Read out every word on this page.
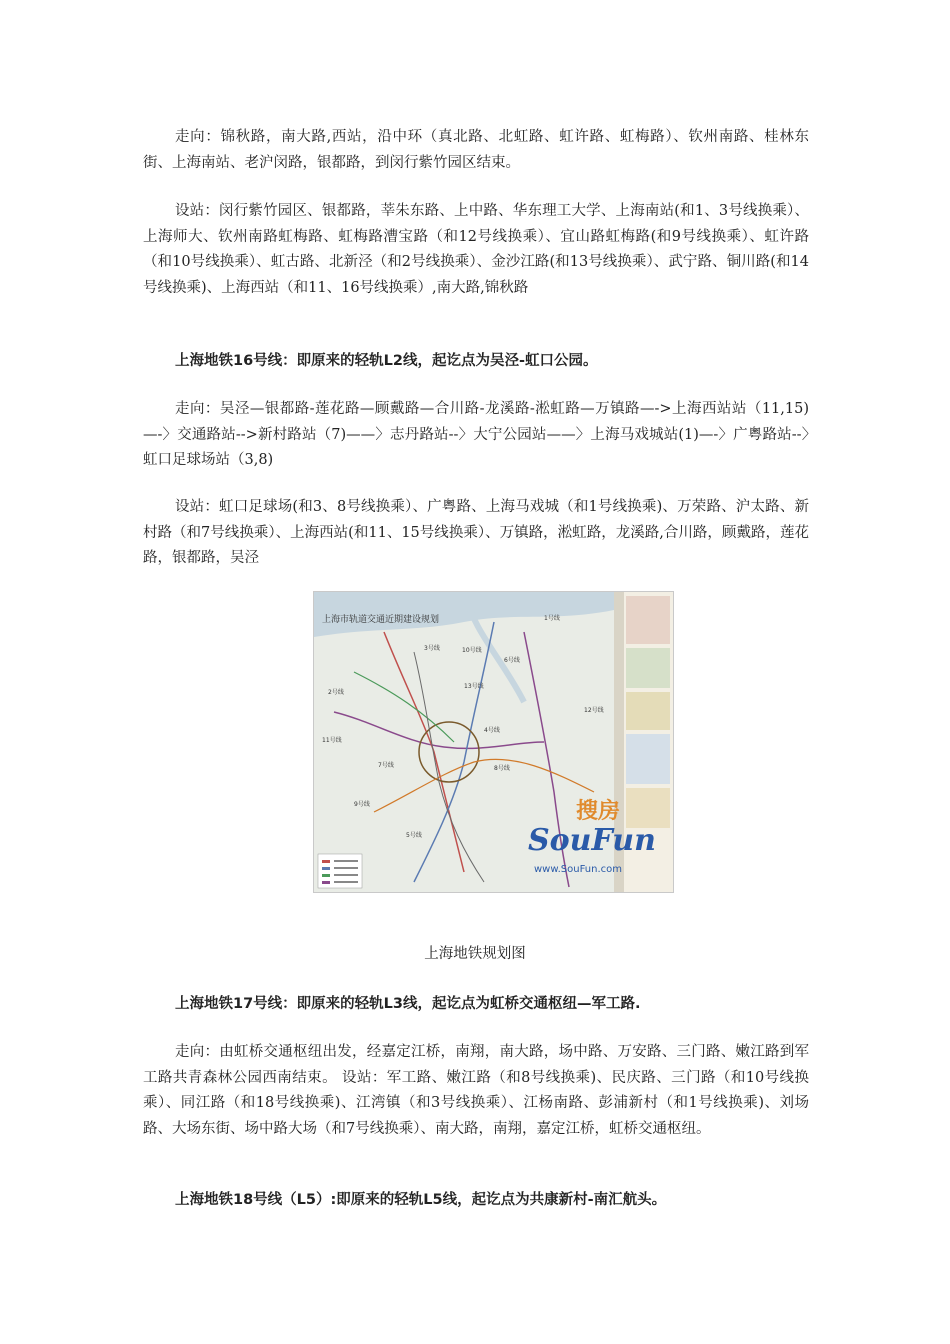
走向：锦秋路，南大路,西站，沿中环（真北路、北虹路、虹许路、虹梅路）、钦州南路、桂林东街、上海南站、老沪闵路，银都路，到闵行紫竹园区结束。

设站：闵行紫竹园区、银都路，莘朱东路、上中路、华东理工大学、上海南站(和1、3号线换乘）、上海师大、钦州南路虹梅路、虹梅路漕宝路（和12号线换乘）、宜山路虹梅路(和9号线换乘）、虹许路（和10号线换乘）、虹古路、北新泾（和2号线换乘）、金沙江路(和13号线换乘）、武宁路、铜川路(和14号线换乘)、上海西站（和11、16号线换乘）,南大路,锦秋路

上海地铁16号线：即原来的轻轨L2线，起讫点为吴泾-虹口公园。

走向：吴泾—银都路-莲花路—顾戴路—合川路-龙溪路-淞虹路—万镇路—->上海西站站（11,15)—-〉交通路站-->新村路站（7)——〉志丹路站--〉大宁公园站——〉上海马戏城站(1)—-〉广粤路站--〉虹口足球场站（3,8)

设站：虹口足球场(和3、8号线换乘）、广粤路、上海马戏城（和1号线换乘)、万荣路、沪太路、新村路（和7号线换乘）、上海西站(和11、15号线换乘）、万镇路，淞虹路，龙溪路,合川路，顾戴路，莲花路，银都路，吴泾

上海市轨道交通近期建设规划	1号线
2号线
3号线
4号线
5号线
6号线
7号线	8号线
9号线
10号线
11号线
12号线
13号线
搜房
SouFun
www.SouFun.com

上海地铁规划图

上海地铁17号线：即原来的轻轨L3线，起讫点为虹桥交通枢纽—军工路.

走向：由虹桥交通枢纽出发，经嘉定江桥，南翔，南大路，场中路、万安路、三门路、嫩江路到军工路共青森林公园西南结束。 设站：军工路、嫩江路（和8号线换乘)、民庆路、三门路（和10号线换乘）、同江路（和18号线换乘)、江湾镇（和3号线换乘）、江杨南路、彭浦新村（和1号线换乘)、刘场路、大场东街、场中路大场（和7号线换乘）、南大路，南翔，嘉定江桥，虹桥交通枢纽。

上海地铁18号线（L5）:即原来的轻轨L5线，起讫点为共康新村-南汇航头。
